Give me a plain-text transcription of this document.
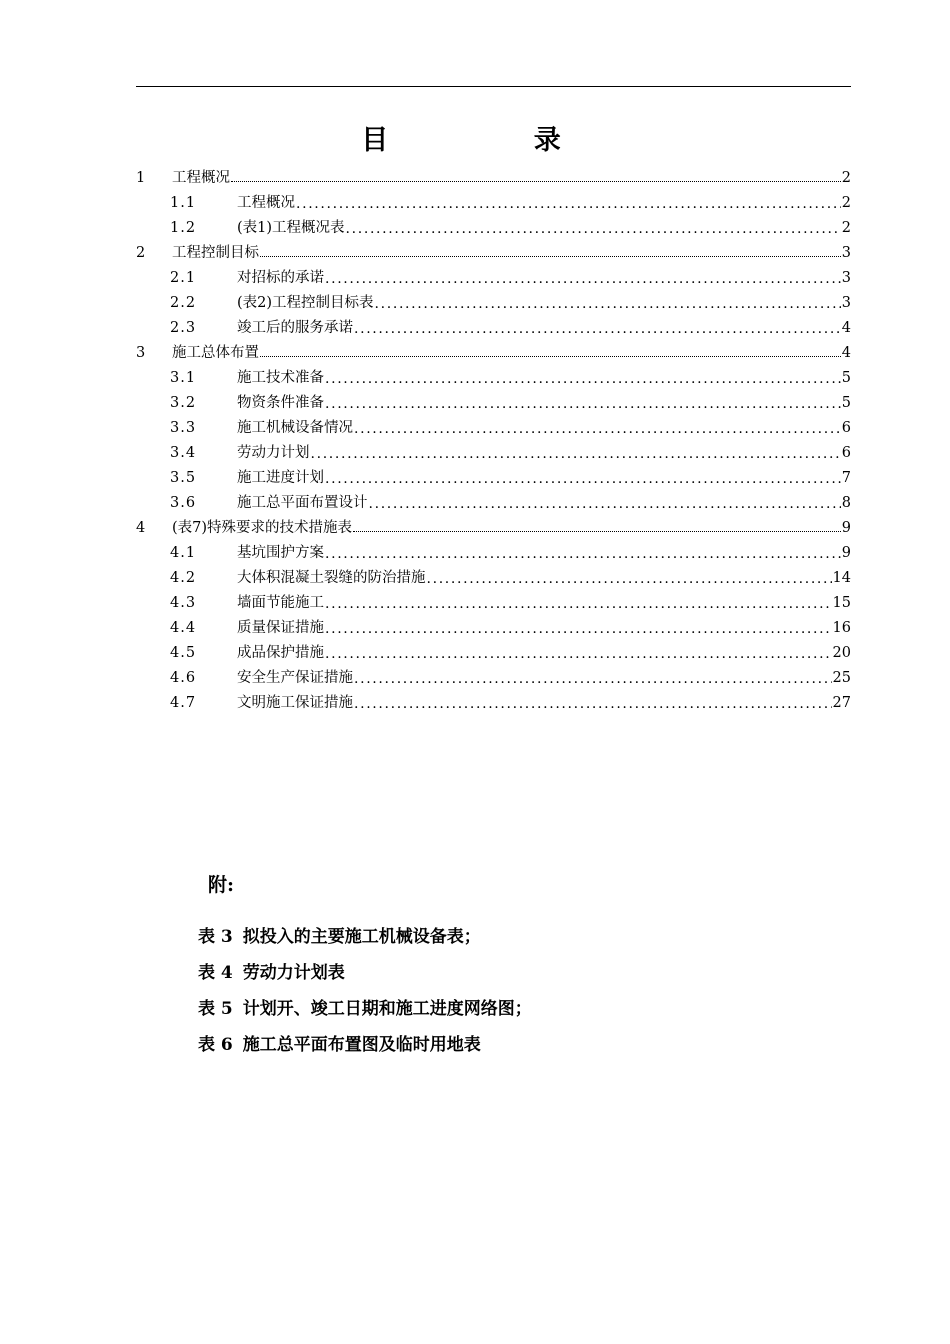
目 录
1	工程概况	2
1.1	工程概况 . . .	2
1.2	(表1)工程概况表 . . .	2
2	工程控制目标	3
2.1	对招标的承诺 . . .	3
2.2	(表2)工程控制目标表 . . .	3
2.3	竣工后的服务承诺 . . .	4
3	施工总体布置	4
3.1	施工技术准备 . . .	5
3.2	物资条件准备 . . .	5
3.3	施工机械设备情况 . . .	6
3.4	劳动力计划 . . .	6
3.5	施工进度计划 . . .	7
3.6	施工总平面布置设计 . . .	8
4	(表7)特殊要求的技术措施表	9
4.1	基坑围护方案 . . .	9
4.2	大体积混凝土裂缝的防治措施 . . .	14
4.3	墙面节能施工 . . .	15
4.4	质量保证措施 . . .	16
4.5	成品保护措施 . . .	20
4.6	安全生产保证措施 . . .	25
4.7	文明施工保证措施 . . .	27
附:
表 3 拟投入的主要施工机械设备表；
表 4 劳动力计划表
表 5 计划开、竣工日期和施工进度网络图；
表 6 施工总平面布置图及临时用地表
